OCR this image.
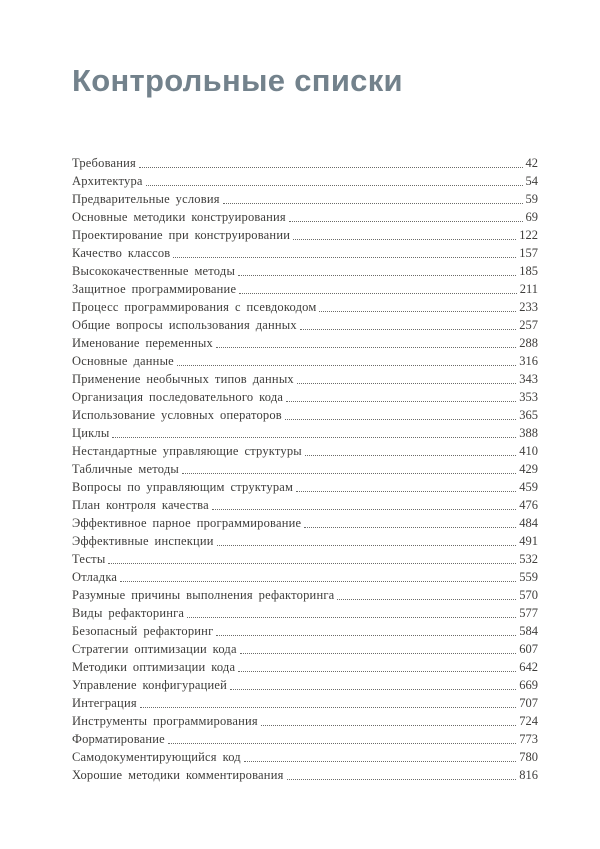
Контрольные списки
Требования	42
Архитектура	54
Предварительные условия	59
Основные методики конструирования	69
Проектирование при конструировании	122
Качество классов	157
Высококачественные методы	185
Защитное программирование	211
Процесс программирования с псевдокодом	233
Общие вопросы использования данных	257
Именование переменных	288
Основные данные	316
Применение необычных типов данных	343
Организация последовательного кода	353
Использование условных операторов	365
Циклы	388
Нестандартные управляющие структуры	410
Табличные методы	429
Вопросы по управляющим структурам	459
План контроля качества	476
Эффективное парное программирование	484
Эффективные инспекции	491
Тесты	532
Отладка	559
Разумные причины выполнения рефакторинга	570
Виды рефакторинга	577
Безопасный рефакторинг	584
Стратегии оптимизации кода	607
Методики оптимизации кода	642
Управление конфигурацией	669
Интеграция	707
Инструменты программирования	724
Форматирование	773
Самодокументирующийся код	780
Хорошие методики комментирования	816
